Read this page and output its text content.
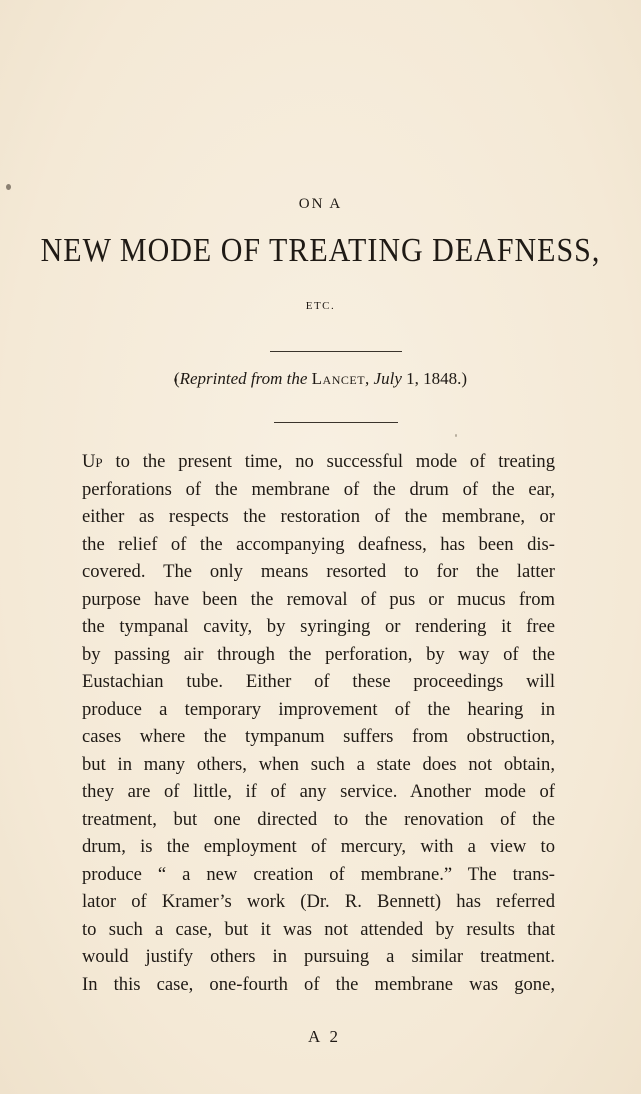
ON A
NEW MODE OF TREATING DEAFNESS,
ETC.
(Reprinted from the Lancet, July 1, 1848.)
Up to the present time, no successful mode of treating
perforations of the membrane of the drum of the ear,
either as respects the restoration of the membrane, or
the relief of the accompanying deafness, has been dis-
covered. The only means resorted to for the latter
purpose have been the removal of pus or mucus from
the tympanal cavity, by syringing or rendering it free
by passing air through the perforation, by way of the
Eustachian tube. Either of these proceedings will
produce a temporary improvement of the hearing in
cases where the tympanum suffers from obstruction,
but in many others, when such a state does not obtain,
they are of little, if of any service. Another mode of
treatment, but one directed to the renovation of the
drum, is the employment of mercury, with a view to
produce “ a new creation of membrane.” The trans-
lator of Kramer’s work (Dr. R. Bennett) has referred
to such a case, but it was not attended by results that
would justify others in pursuing a similar treatment.
In this case, one-fourth of the membrane was gone,
A 2
